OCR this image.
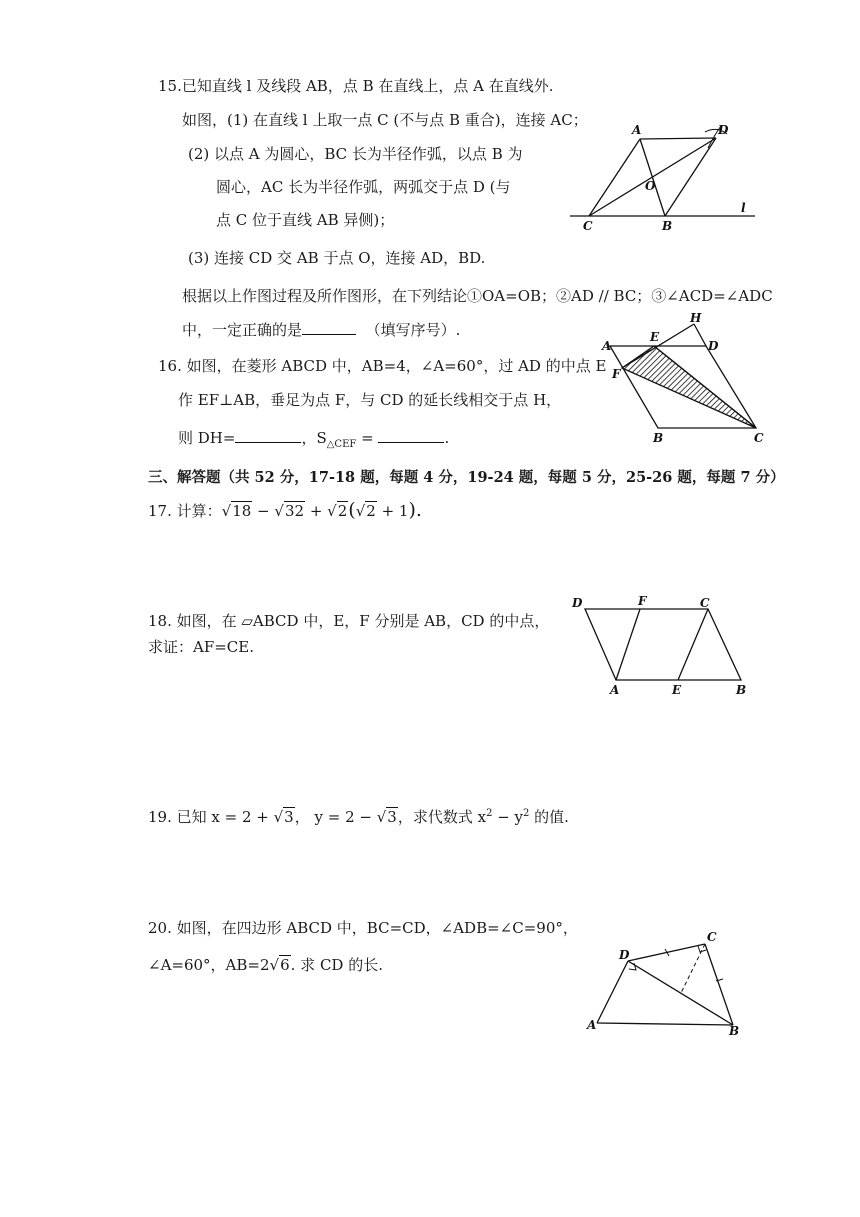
15.已知直线 l 及线段 AB，点 B 在直线上，点 A 在直线外.
如图，(1) 在直线 l 上取一点 C (不与点 B 重合)，连接 AC；
(2) 以点 A 为圆心，BC 长为半径作弧，以点 B 为
圆心，AC 长为半径作弧，两弧交于点 D (与
点 C 位于直线 AB 异侧)；
(3) 连接 CD 交 AB 于点 O，连接 AD，BD.
根据以上作图过程及所作图形，在下列结论①OA=OB；②AD // BC；③∠ACD=∠ADC
中，一定正确的是	（填写序号）.
A	D
O
C	B
l
16. 如图，在菱形 ABCD 中，AB=4，∠A=60°，过 AD 的中点 E
作 EF⊥AB，垂足为点 F，与 CD 的延长线相交于点 H，
则 DH=	，$S_{\triangle CEF}$ =	.
A
E
H
D
F
B	C
三、解答题（共 52 分，17-18 题，每题 4 分，19-24 题，每题 5 分，25-26 题，每题 7 分）
17. 计算：√18 − √32 + √2(√2 + 1).
18. 如图，在 ▱ABCD 中，E，F 分别是 AB，CD 的中点，
求证：AF=CE.
D	F	C
A	E	B
19. 已知 x = 2 + √3， y = 2 − √3，求代数式 $x^2 - y^2$ 的值.
20. 如图，在四边形 ABCD 中，BC=CD，∠ADB=∠C=90°，
∠A=60°，AB=2√6. 求 CD 的长.
D
C
A	B
